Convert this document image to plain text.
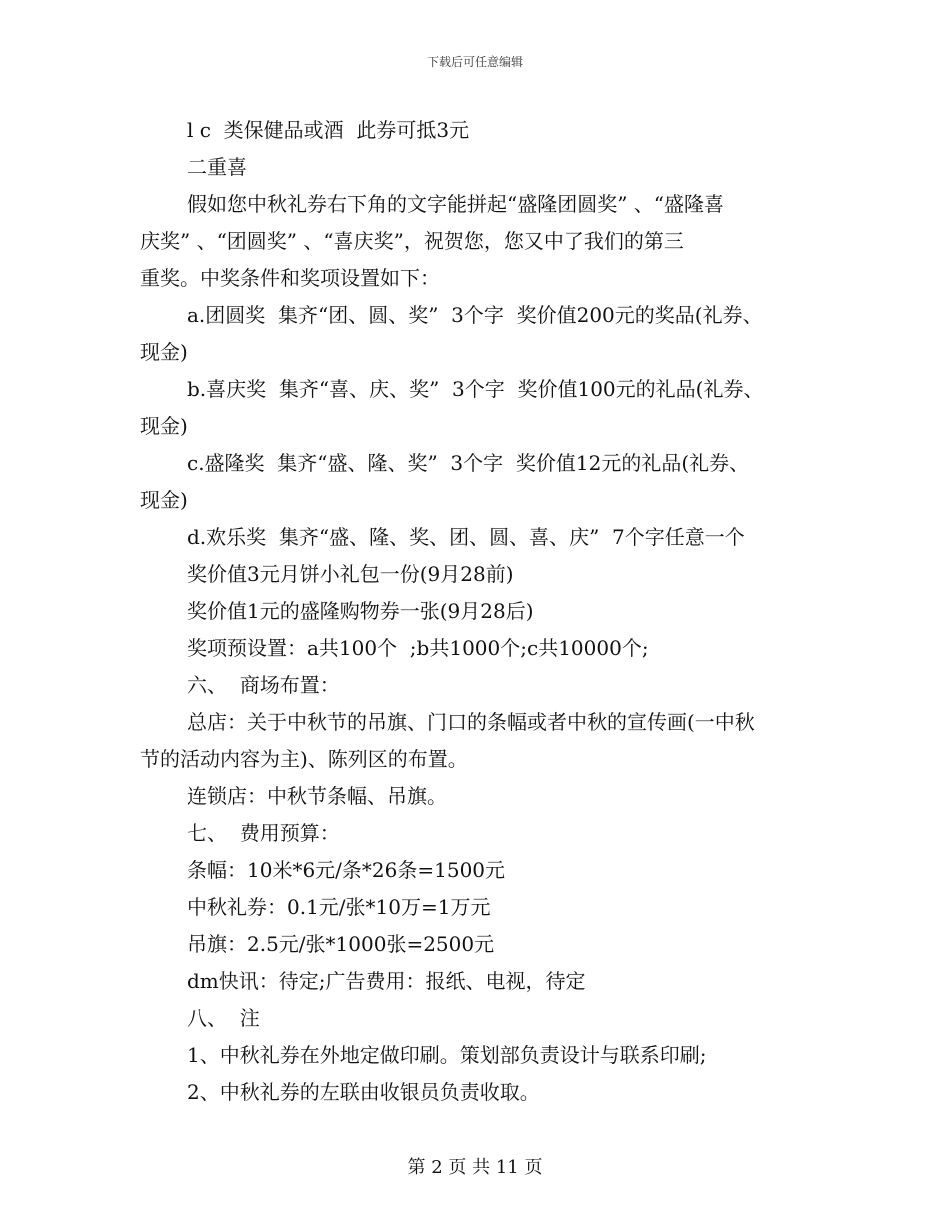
下载后可任意编辑

l c  类保健品或酒  此券可抵3元

二重喜

假如您中秋礼券右下角的文字能拼起“盛隆团圆奖” 、“盛隆喜

庆奖” 、“团圆奖” 、“喜庆奖”，祝贺您，您又中了我们的第三

重奖。中奖条件和奖项设置如下：

a.团圆奖  集齐“团、圆、奖”  3个字  奖价值200元的奖品(礼券、

现金)

b.喜庆奖  集齐“喜、庆、奖”  3个字  奖价值100元的礼品(礼券、

现金)

c.盛隆奖  集齐“盛、隆、奖”  3个字  奖价值12元的礼品(礼券、

现金)

d.欢乐奖  集齐“盛、隆、奖、团、圆、喜、庆”  7个字任意一个

奖价值3元月饼小礼包一份(9月28前)

奖价值1元的盛隆购物券一张(9月28后)

奖项预设置：a共100个  ;b共1000个;c共10000个;

六、  商场布置：

总店：关于中秋节的吊旗、门口的条幅或者中秋的宣传画(一中秋

节的活动内容为主)、陈列区的布置。

连锁店：中秋节条幅、吊旗。

七、  费用预算：

条幅：10米*6元/条*26条=1500元

中秋礼券：0.1元/张*10万=1万元

吊旗：2.5元/张*1000张=2500元

dm快讯：待定;广告费用：报纸、电视，待定

八、  注

1、中秋礼券在外地定做印刷。策划部负责设计与联系印刷;

2、中秋礼券的左联由收银员负责收取。

第 2 页 共 11 页
